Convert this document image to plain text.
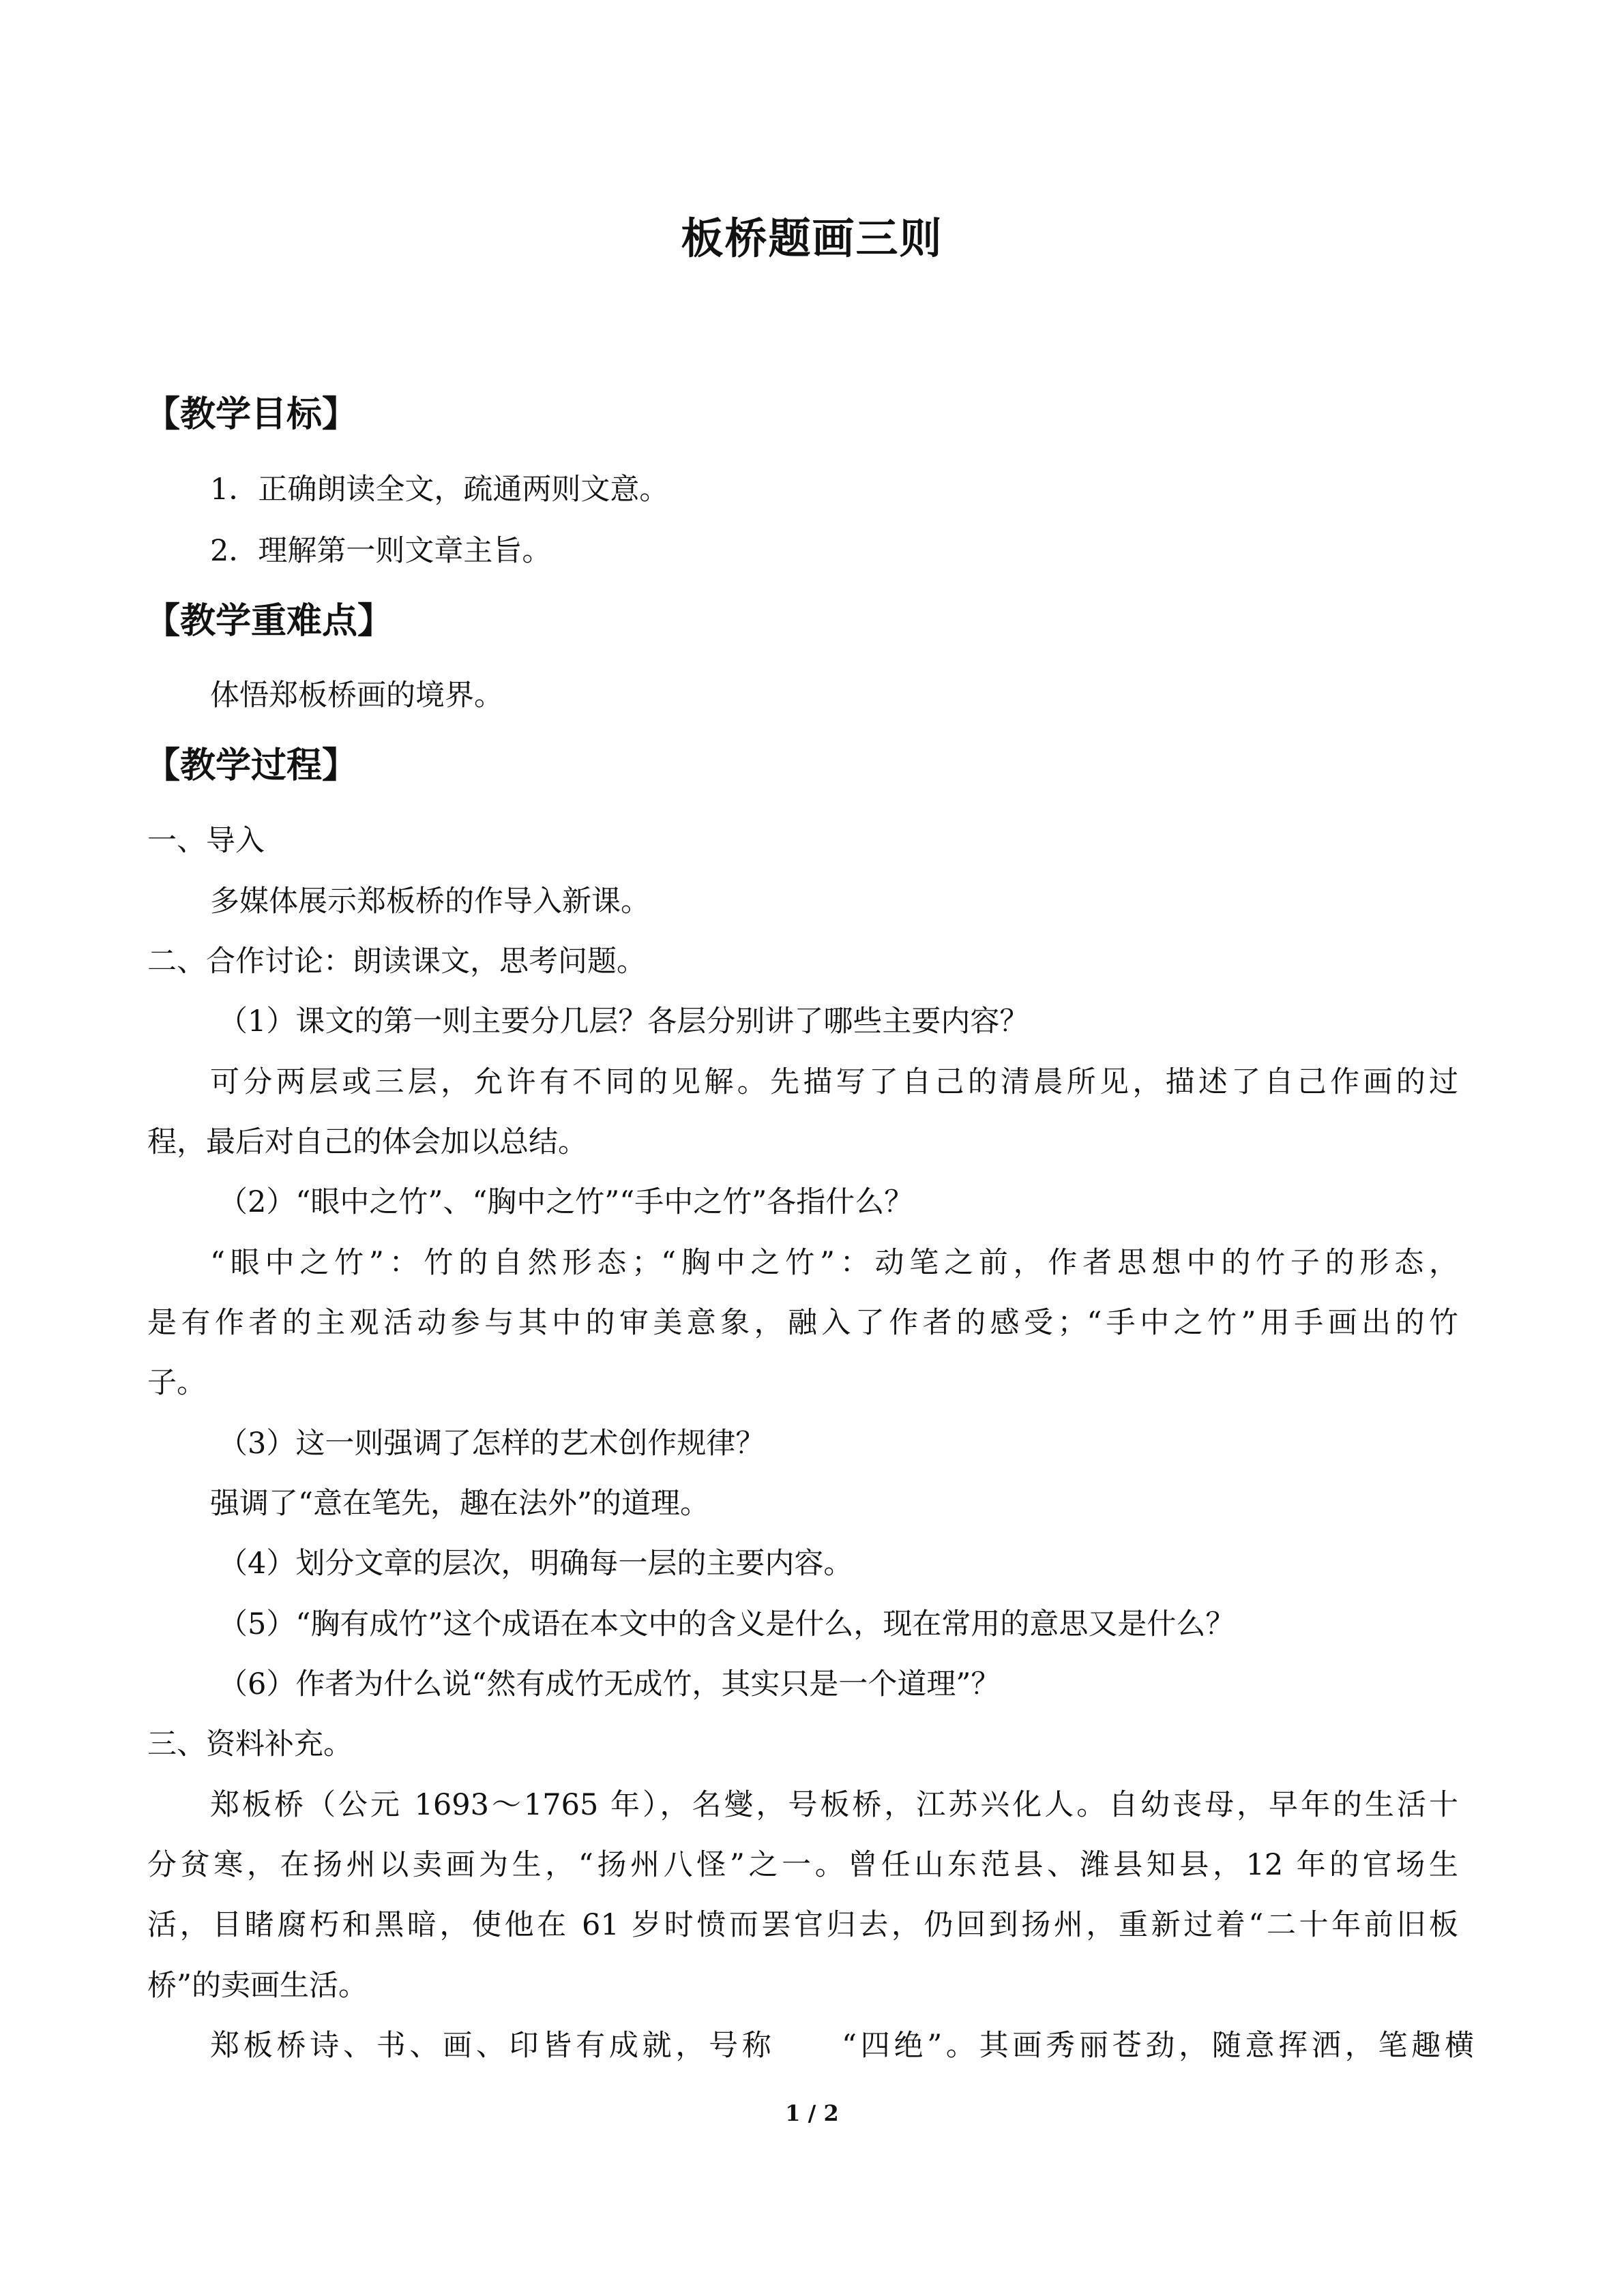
板桥题画三则
【教学目标】

1．正确朗读全文，疏通两则文意。

2．理解第一则文章主旨。

【教学重难点】

体悟郑板桥画的境界。

【教学过程】

一、导入

多媒体展示郑板桥的作导入新课。

二、合作讨论：朗读课文，思考问题。

（1）课文的第一则主要分几层？各层分别讲了哪些主要内容？

可分两层或三层，允许有不同的见解。先描写了自己的清晨所见，描述了自己作画的过

程，最后对自己的体会加以总结。

（2）“眼中之竹”、“胸中之竹”“手中之竹”各指什么？

“眼中之竹”：竹的自然形态；“胸中之竹”：动笔之前，作者思想中的竹子的形态，

是有作者的主观活动参与其中的审美意象，融入了作者的感受；“手中之竹”用手画出的竹

子。

（3）这一则强调了怎样的艺术创作规律？

强调了“意在笔先，趣在法外”的道理。

（4）划分文章的层次，明确每一层的主要内容。

（5）“胸有成竹”这个成语在本文中的含义是什么，现在常用的意思又是什么？

（6）作者为什么说“然有成竹无成竹，其实只是一个道理”？

三、资料补充。

郑板桥（公元 1693～1765 年），名燮，号板桥，江苏兴化人。自幼丧母，早年的生活十

分贫寒，在扬州以卖画为生，“扬州八怪”之一。曾任山东范县、潍县知县，12 年的官场生

活，目睹腐朽和黑暗，使他在 61 岁时愤而罢官归去，仍回到扬州，重新过着“二十年前旧板

桥”的卖画生活。

郑板桥诗、书、画、印皆有成就，号称　　“四绝”。其画秀丽苍劲，随意挥洒，笔趣横

1 / 2
